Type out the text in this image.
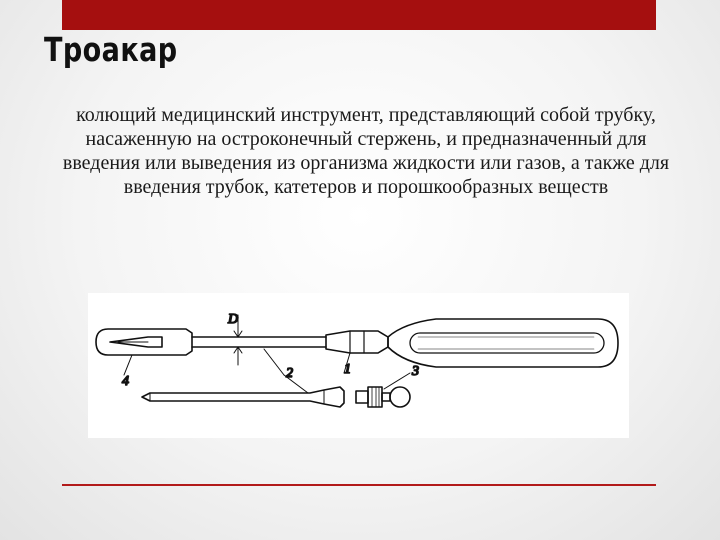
Троакар

колющий медицинский инструмент, представляющий собой трубку, насаженную на остроконечный стержень, и предназначенный для введения или выведения из организма жидкости или газов, а также для введения трубок, катетеров и порошкообразных веществ

D
4
2	1	3
